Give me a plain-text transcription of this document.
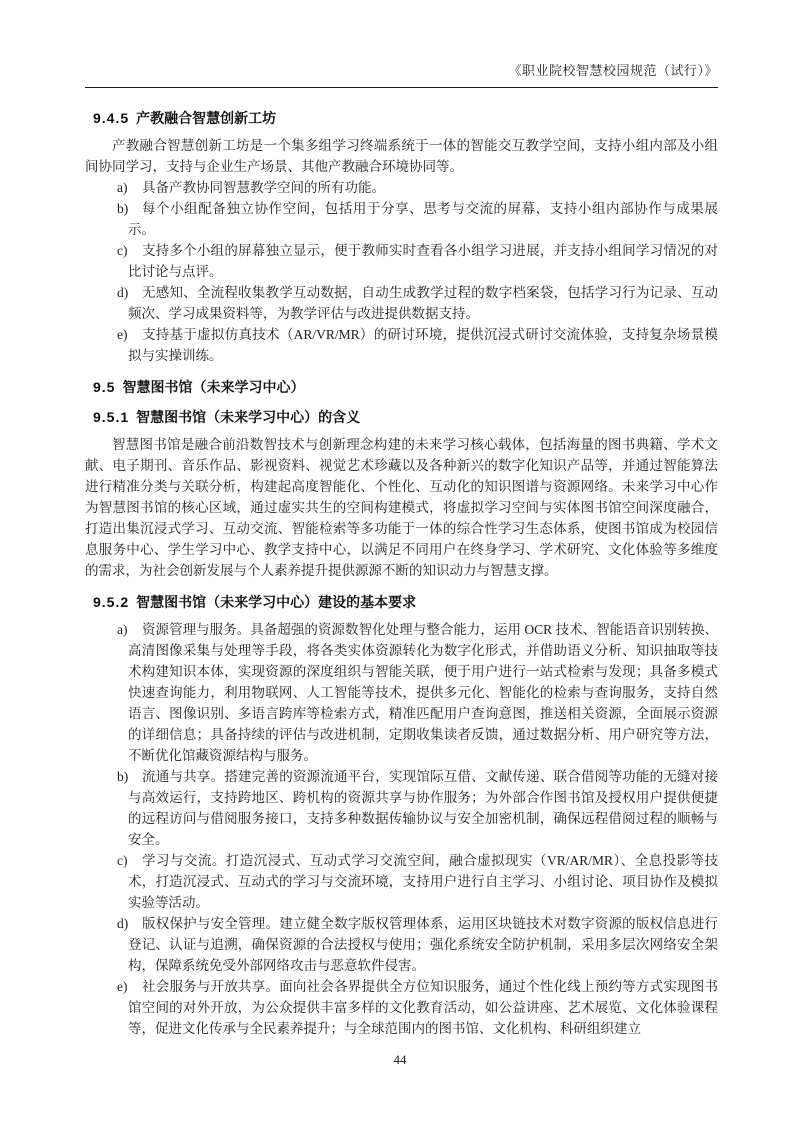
《职业院校智慧校园规范（试行）》
9.4.5 产教融合智慧创新工坊

产教融合智慧创新工坊是一个集多组学习终端系统于一体的智能交互教学空间，支持小组内部及小组间协同学习，支持与企业生产场景、其他产教融合环境协同等。

a) 具备产教协同智慧教学空间的所有功能。

b) 每个小组配备独立协作空间，包括用于分享、思考与交流的屏幕，支持小组内部协作与成果展示。

c) 支持多个小组的屏幕独立显示，便于教师实时查看各小组学习进展，并支持小组间学习情况的对比讨论与点评。

d) 无感知、全流程收集教学互动数据，自动生成教学过程的数字档案袋，包括学习行为记录、互动频次、学习成果资料等，为教学评估与改进提供数据支持。

e) 支持基于虚拟仿真技术（AR/VR/MR）的研讨环境，提供沉浸式研讨交流体验，支持复杂场景模拟与实操训练。

9.5 智慧图书馆（未来学习中心）
9.5.1 智慧图书馆（未来学习中心）的含义

智慧图书馆是融合前沿数智技术与创新理念构建的未来学习核心载体，包括海量的图书典籍、学术文献、电子期刊、音乐作品、影视资料、视觉艺术珍藏以及各种新兴的数字化知识产品等，并通过智能算法进行精准分类与关联分析，构建起高度智能化、个性化、互动化的知识图谱与资源网络。未来学习中心作为智慧图书馆的核心区域，通过虚实共生的空间构建模式，将虚拟学习空间与实体图书馆空间深度融合，打造出集沉浸式学习、互动交流、智能检索等多功能于一体的综合性学习生态体系，使图书馆成为校园信息服务中心、学生学习中心、教学支持中心，以满足不同用户在终身学习、学术研究、文化体验等多维度的需求，为社会创新发展与个人素养提升提供源源不断的知识动力与智慧支撑。

9.5.2 智慧图书馆（未来学习中心）建设的基本要求

a) 资源管理与服务。具备超强的资源数智化处理与整合能力，运用 OCR 技术、智能语音识别转换、高清图像采集与处理等手段，将各类实体资源转化为数字化形式，并借助语义分析、知识抽取等技术构建知识本体，实现资源的深度组织与智能关联，便于用户进行一站式检索与发现；具备多模式快速查询能力，利用物联网、人工智能等技术，提供多元化、智能化的检索与查询服务，支持自然语言、图像识别、多语言跨库等检索方式，精准匹配用户查询意图，推送相关资源，全面展示资源的详细信息；具备持续的评估与改进机制，定期收集读者反馈，通过数据分析、用户研究等方法，不断优化馆藏资源结构与服务。

b) 流通与共享。搭建完善的资源流通平台，实现馆际互借、文献传递、联合借阅等功能的无缝对接与高效运行，支持跨地区、跨机构的资源共享与协作服务；为外部合作图书馆及授权用户提供便捷的远程访问与借阅服务接口，支持多种数据传输协议与安全加密机制，确保远程借阅过程的顺畅与安全。

c) 学习与交流。打造沉浸式、互动式学习交流空间，融合虚拟现实（VR/AR/MR）、全息投影等技术，打造沉浸式、互动式的学习与交流环境，支持用户进行自主学习、小组讨论、项目协作及模拟实验等活动。

d) 版权保护与安全管理。建立健全数字版权管理体系，运用区块链技术对数字资源的版权信息进行登记、认证与追溯，确保资源的合法授权与使用；强化系统安全防护机制，采用多层次网络安全架构，保障系统免受外部网络攻击与恶意软件侵害。

e) 社会服务与开放共享。面向社会各界提供全方位知识服务，通过个性化线上预约等方式实现图书馆空间的对外开放，为公众提供丰富多样的文化教育活动，如公益讲座、艺术展览、文化体验课程等，促进文化传承与全民素养提升；与全球范围内的图书馆、文化机构、科研组织建立

44
